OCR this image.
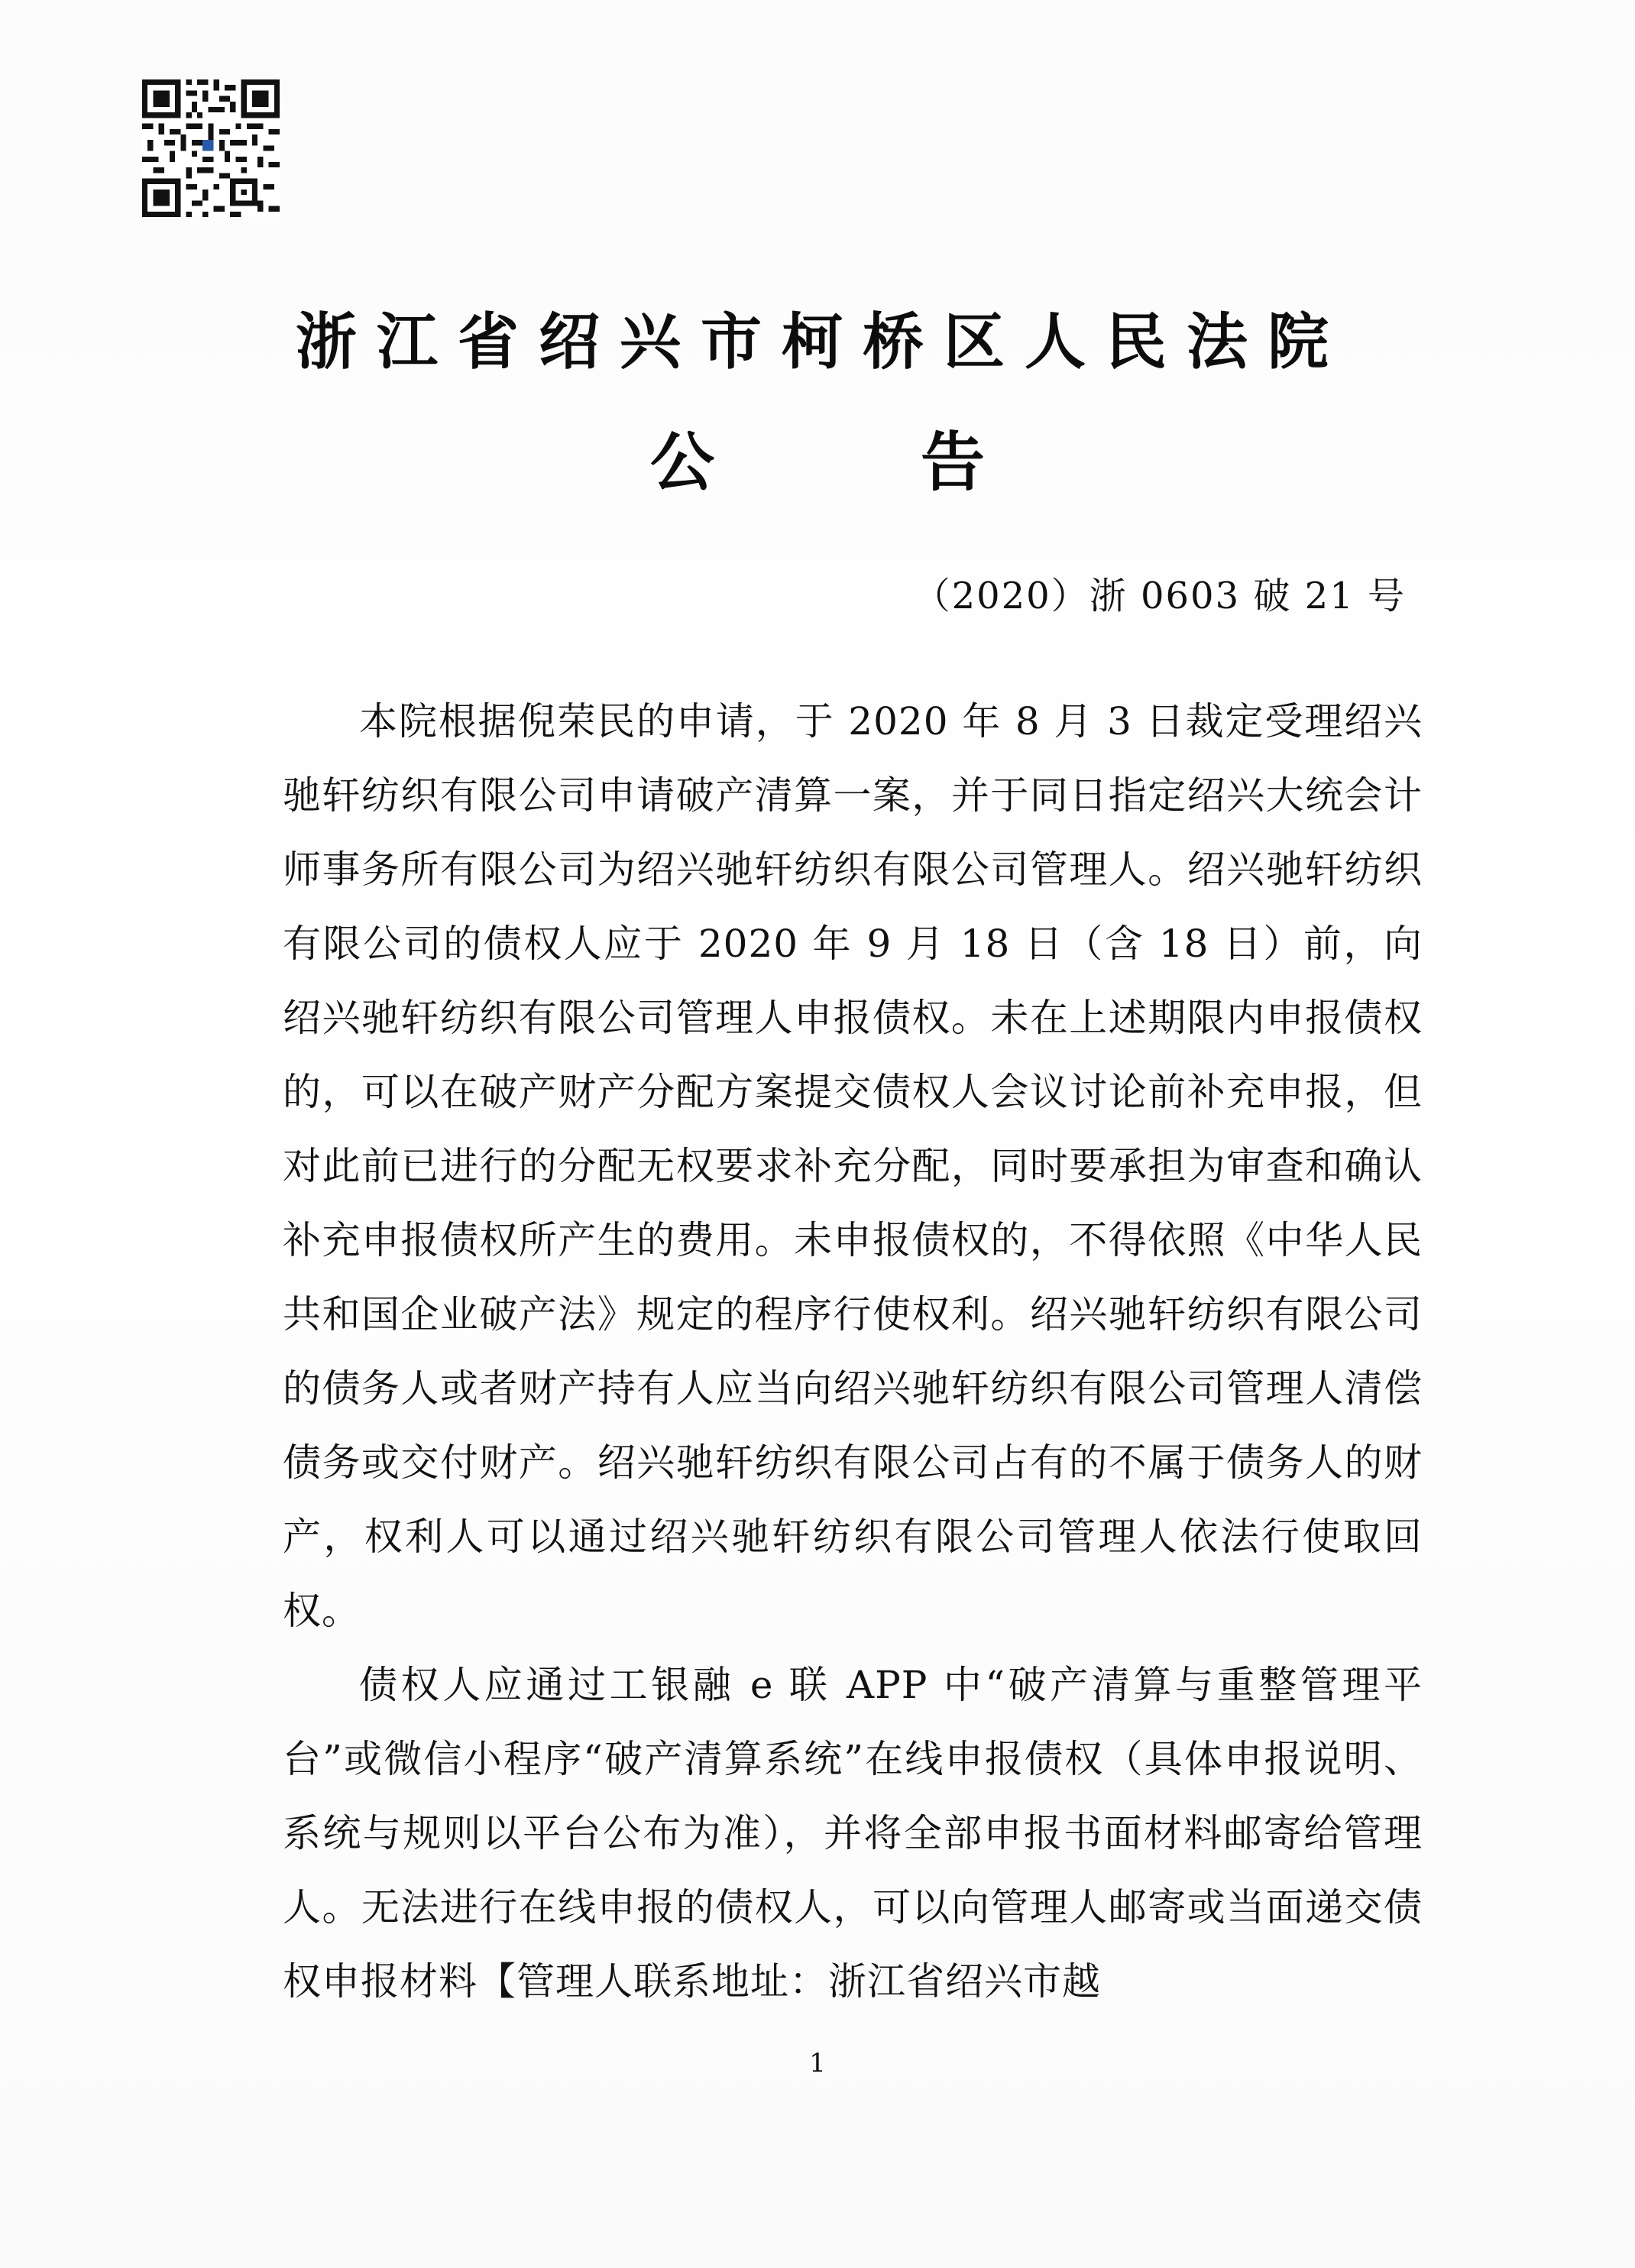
浙江省绍兴市柯桥区人民法院
公	告
（2020）浙 0603 破 21 号

本院根据倪荣民的申请，于 2020 年 8 月 3 日裁定受理绍兴驰轩纺织有限公司申请破产清算一案，并于同日指定绍兴大统会计师事务所有限公司为绍兴驰轩纺织有限公司管理人。绍兴驰轩纺织有限公司的债权人应于 2020 年 9 月 18 日（含 18 日）前，向绍兴驰轩纺织有限公司管理人申报债权。未在上述期限内申报债权的，可以在破产财产分配方案提交债权人会议讨论前补充申报，但对此前已进行的分配无权要求补充分配，同时要承担为审查和确认补充申报债权所产生的费用。未申报债权的，不得依照《中华人民共和国企业破产法》规定的程序行使权利。绍兴驰轩纺织有限公司的债务人或者财产持有人应当向绍兴驰轩纺织有限公司管理人清偿债务或交付财产。绍兴驰轩纺织有限公司占有的不属于债务人的财产，权利人可以通过绍兴驰轩纺织有限公司管理人依法行使取回权。

债权人应通过工银融 e 联 APP 中“破产清算与重整管理平台”或微信小程序“破产清算系统”在线申报债权（具体申报说明、系统与规则以平台公布为准），并将全部申报书面材料邮寄给管理人。无法进行在线申报的债权人，可以向管理人邮寄或当面递交债权申报材料【管理人联系地址：浙江省绍兴市越

1
